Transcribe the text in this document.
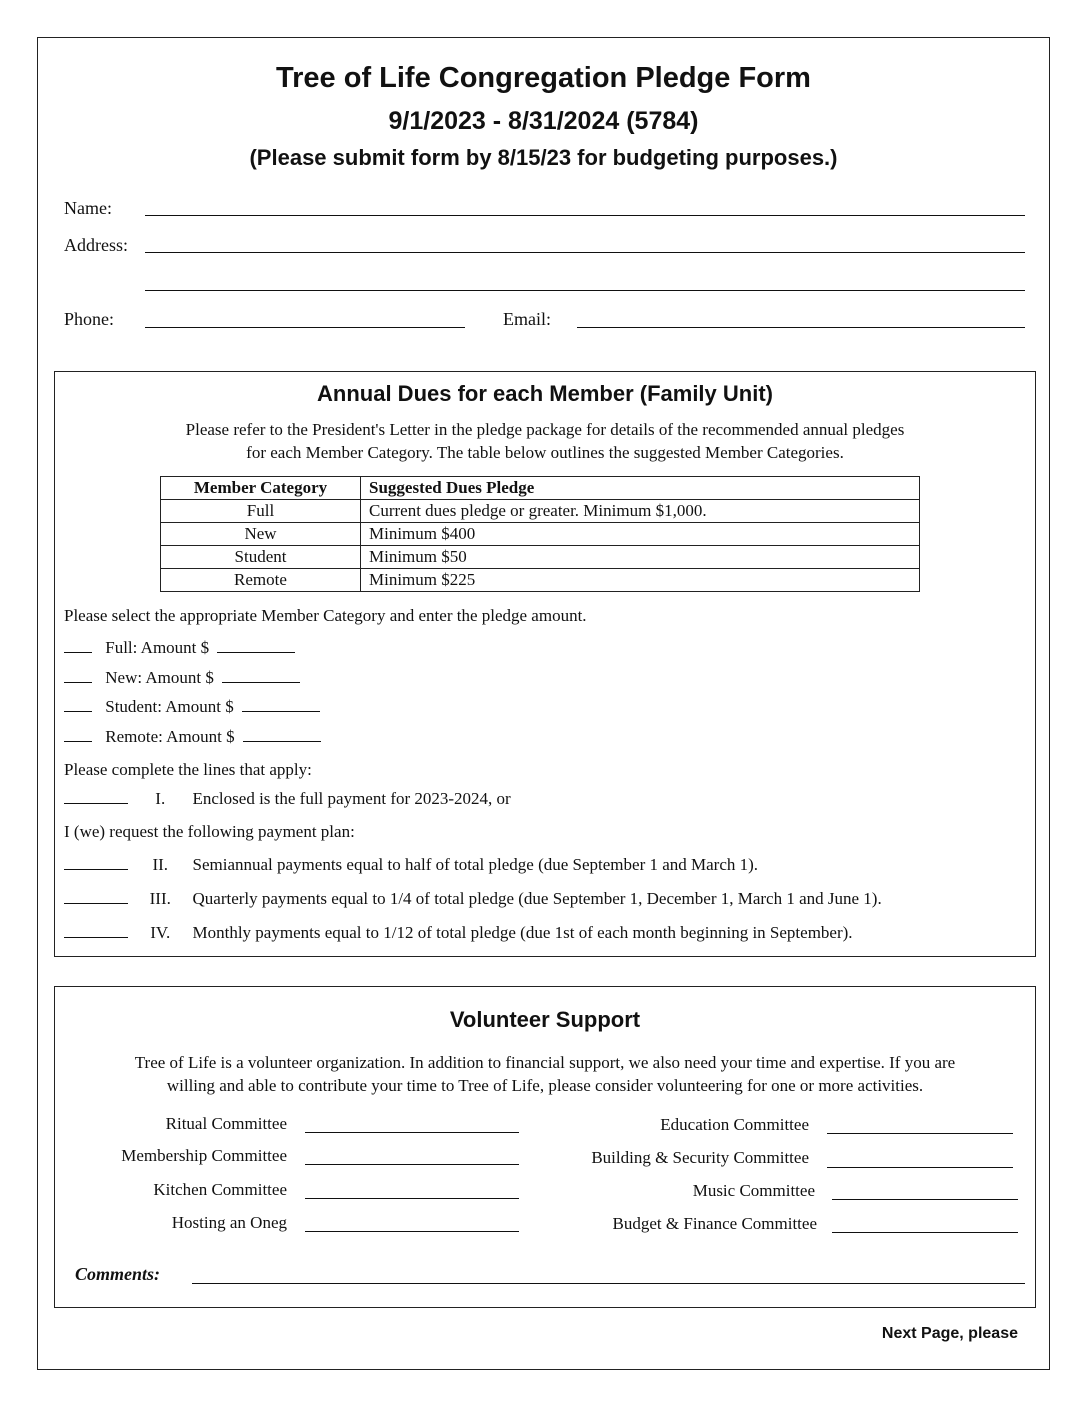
Tree of Life Congregation Pledge Form
9/1/2023 - 8/31/2024 (5784)
(Please submit form by 8/15/23 for budgeting purposes.)
Name:
Address:
Phone:	Email:
Annual Dues for each Member (Family Unit)
Please refer to the President's Letter in the pledge package for details of the recommended annual pledges
for each Member Category. The table below outlines the suggested Member Categories.
Member Category	Suggested Dues Pledge
Full	Current dues pledge or greater. Minimum $1,000.
New	Minimum $400
Student	Minimum $50
Remote	Minimum $225
Please select the appropriate Member Category and enter the pledge amount.
Full: Amount $
New: Amount $
Student: Amount $
Remote: Amount $
Please complete the lines that apply:
I. Enclosed is the full payment for 2023-2024, or
I (we) request the following payment plan:
II. Semiannual payments equal to half of total pledge (due September 1 and March 1).
III. Quarterly payments equal to 1/4 of total pledge (due September 1, December 1, March 1 and June 1).
IV. Monthly payments equal to 1/12 of total pledge (due 1st of each month beginning in September).
Volunteer Support
Tree of Life is a volunteer organization. In addition to financial support, we also need your time and expertise. If you are
willing and able to contribute your time to Tree of Life, please consider volunteering for one or more activities.
Ritual Committee
Membership Committee
Kitchen Committee
Hosting an Oneg
Education Committee
Building & Security Committee
Music Committee
Budget & Finance Committee
Comments:
Next Page, please
